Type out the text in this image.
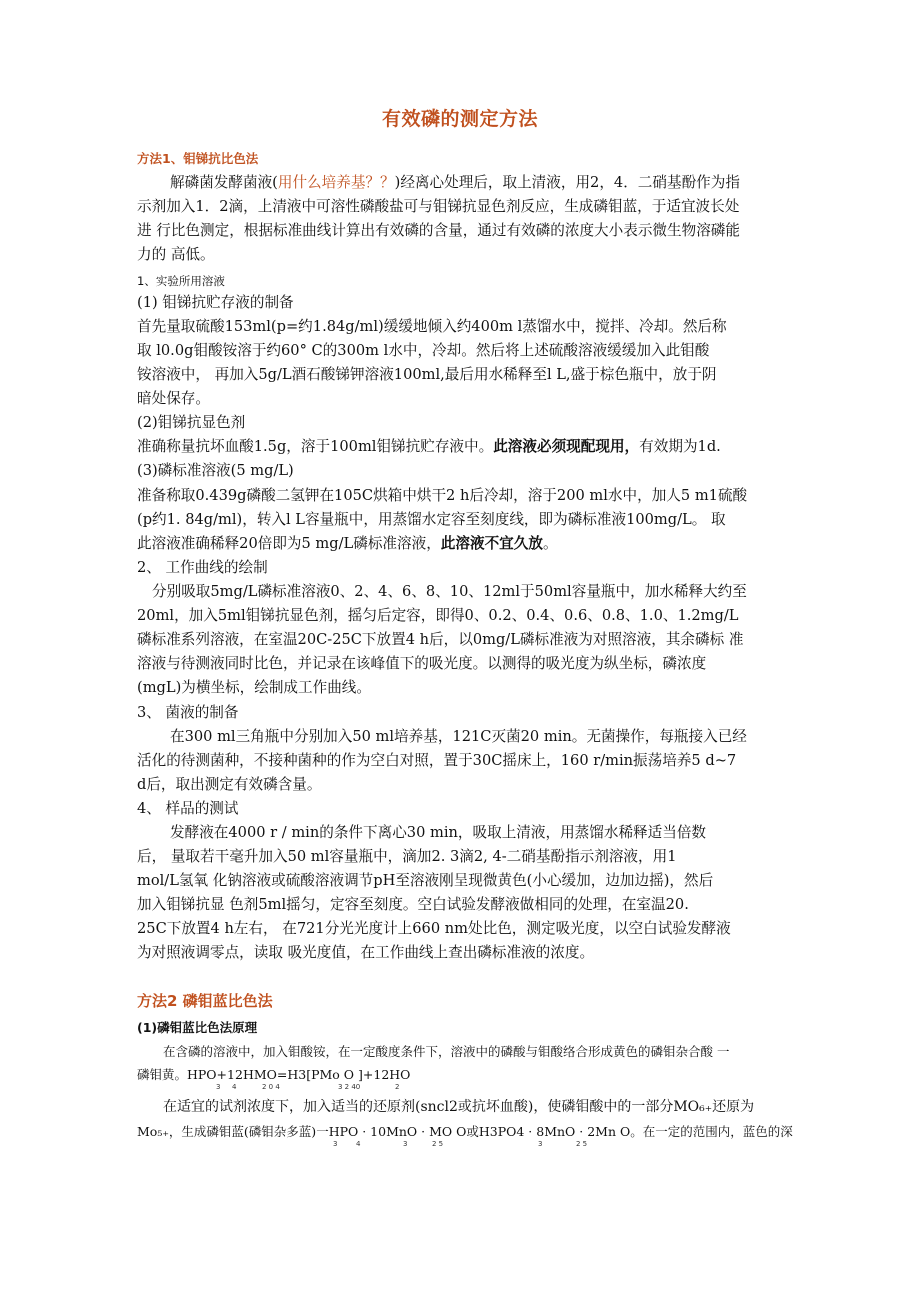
有效磷的测定方法
方法1、钼锑抗比色法
解磷菌发酵菌液(用什么培养基？？)经离心处理后，取上清液，用2，4．二硝基酚作为指
示剂加入1．2滴，上清液中可溶性磷酸盐可与钼锑抗显色剂反应，生成磷钼蓝，于适宜波长处
进 行比色测定，根据标准曲线计算出有效磷的含量，通过有效磷的浓度大小表示微生物溶磷能
力的 高低。
1、实验所用溶液
(1) 钼锑抗贮存液的制备
首先量取硫酸153ml(p=约1.84g/ml)缓缓地倾入约400m l蒸馏水中，搅拌、冷却。然后称
取 l0.0g钼酸铵溶于约60° C的300m l水中，冷却。然后将上述硫酸溶液缓缓加入此钼酸
铵溶液中， 再加入5g/L酒石酸锑钾溶液100ml,最后用水稀释至l L,盛于棕色瓶中，放于阴
暗处保存。
(2)钼锑抗显色剂
准确称量抗坏血酸1.5g，溶于100ml钼锑抗贮存液中。此溶液必须现配现用，有效期为1d.
(3)磷标准溶液(5 mg/L)
准备称取0.439g磷酸二氢钾在105C烘箱中烘干2 h后冷却，溶于200 ml水中，加人5 m1硫酸
(p约1. 84g/ml)，转入l L容量瓶中，用蒸馏水定容至刻度线，即为磷标准液100mg/L。 取
此溶液准确稀释20倍即为5 mg/L磷标准溶液，此溶液不宜久放。
2、 工作曲线的绘制
分别吸取5mg/L磷标准溶液0、2、4、6、8、10、12ml于50ml容量瓶中，加水稀释大约至
20ml，加入5ml钼锑抗显色剂，摇匀后定容，即得0、0.2、0.4、0.6、0.8、1.0、1.2mg/L
磷标准系列溶液，在室温20C-25C下放置4 h后，以0mg/L磷标准液为对照溶液，其余磷标 准
溶液与待测液同时比色，并记录在该峰值下的吸光度。以测得的吸光度为纵坐标，磷浓度
(mgL)为横坐标，绘制成工作曲线。
3、 菌液的制备
在300 ml三角瓶中分别加入50 ml培养基，121C灭菌20 min。无菌操作，每瓶接入已经
活化的待测菌种，不接种菌种的作为空白对照，置于30C摇床上，160 r/min振荡培养5 d~7
d后，取出测定有效磷含量。
4、 样品的测试
发酵液在4000 r / min的条件下离心30 min，吸取上清液，用蒸馏水稀释适当倍数
后， 量取若干毫升加入50 ml容量瓶中，滴加2. 3滴2, 4-二硝基酚指示剂溶液，用1
mol/L氢氧 化钠溶液或硫酸溶液调节pH至溶液刚呈现微黄色(小心缓加，边加边摇)，然后
加入钼锑抗显 色剂5ml摇匀，定容至刻度。空白试验发酵液做相同的处理，在室温20.
25C下放置4 h左右， 在721分光光度计上660 nm处比色，测定吸光度，以空白试验发酵液
为对照液调零点，读取 吸光度值，在工作曲线上查出磷标准液的浓度。
方法2 磷钼蓝比色法
(1)磷钼蓝比色法原理
在含磷的溶液中，加入钼酸铵，在一定酸度条件下，溶液中的磷酸与钼酸络合形成黄色的磷钼杂合酸 一
磷钼黄。HPO+12HMO=H3[PMo O ]+12HO
3 4	2 0 4	3 2 40	2
在适宜的试剂浓度下，加入适当的还原剂(sncl2或抗坏血酸)，使磷钼酸中的一部分MO₆₊还原为
Mo₅₊，生成磷钼蓝(磷钼杂多蓝)一HPO · 10MnO · MO O或H3PO4 · 8MnO · 2Mn O。在一定的范围内，蓝色的深
3	4	3	2 5	3	2 5
